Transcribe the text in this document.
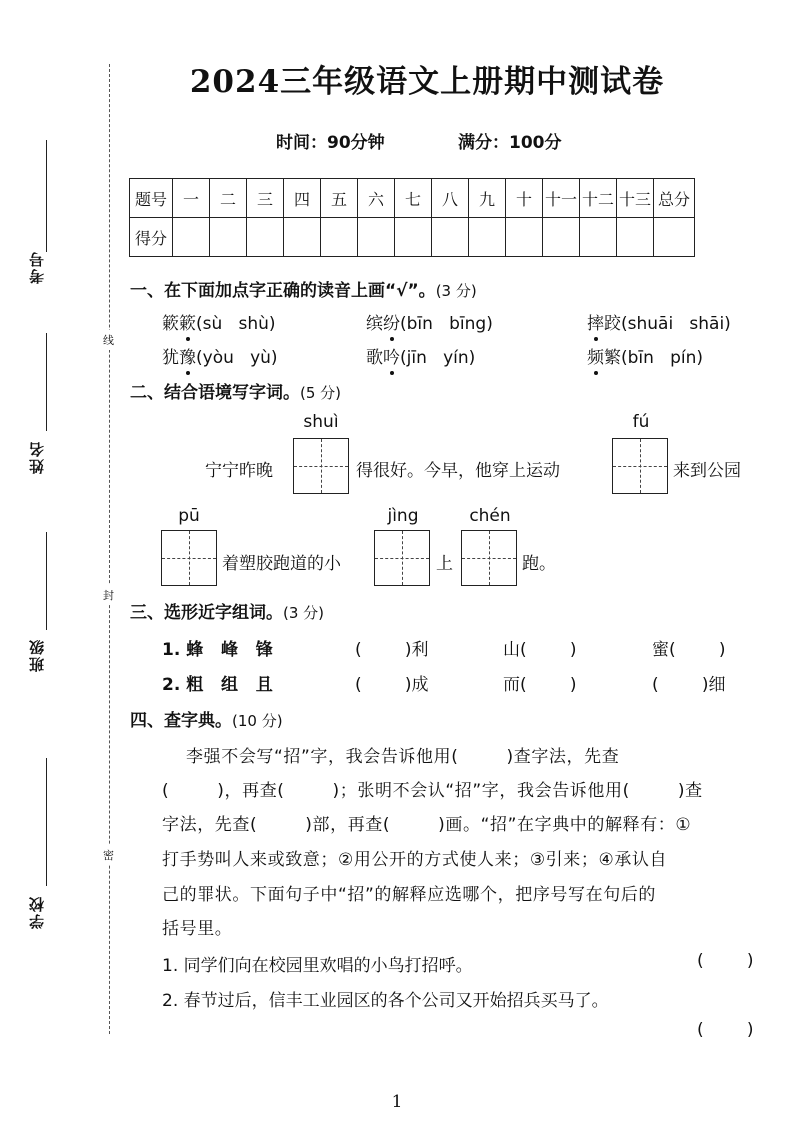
考号
姓名
班级
学校
线
封
密
2024三年级语文上册期中测试卷
时间：90分钟	满分：100分
题号	一	二	三	四	五	六	七	八	九	十	十一	十二	十三	总分
得分														
一、在下面加点字正确的读音上画“√”。(3 分)
簌簌(sù   shù)	缤纷(bīn   bīng)	摔跤(shuāi   shāi)
犹豫(yòu   yù)	歌吟(jīn   yín)	频繁(bīn   pín)
二、结合语境写字词。(5 分)
shuì
宁宁昨晚	得很好。今早，他穿上运动
fú
来到公园
pū
着塑胶跑道的小
jìng
上
chén
跑。
三、选形近字组词。(3 分)
1. 蜂   峰   锋	(        )利	山(        )	蜜(        )
2. 粗   组   且	(        )成	而(        )	(        )细
四、查字典。(10 分)
李强不会写“招”字，我会告诉他用(        )查字法，先查
(        )，再查(        )；张明不会认“招”字，我会告诉他用(        )查
字法，先查(        )部，再查(        )画。“招”在字典中的解释有：①
打手势叫人来或致意；②用公开的方式使人来；③引来；④承认自
己的罪状。下面句子中“招”的解释应选哪个，把序号写在句后的
括号里。
1. 同学们向在校园里欢唱的小鸟打招呼。	(        )
2. 春节过后，信丰工业园区的各个公司又开始招兵买马了。
(        )
1
